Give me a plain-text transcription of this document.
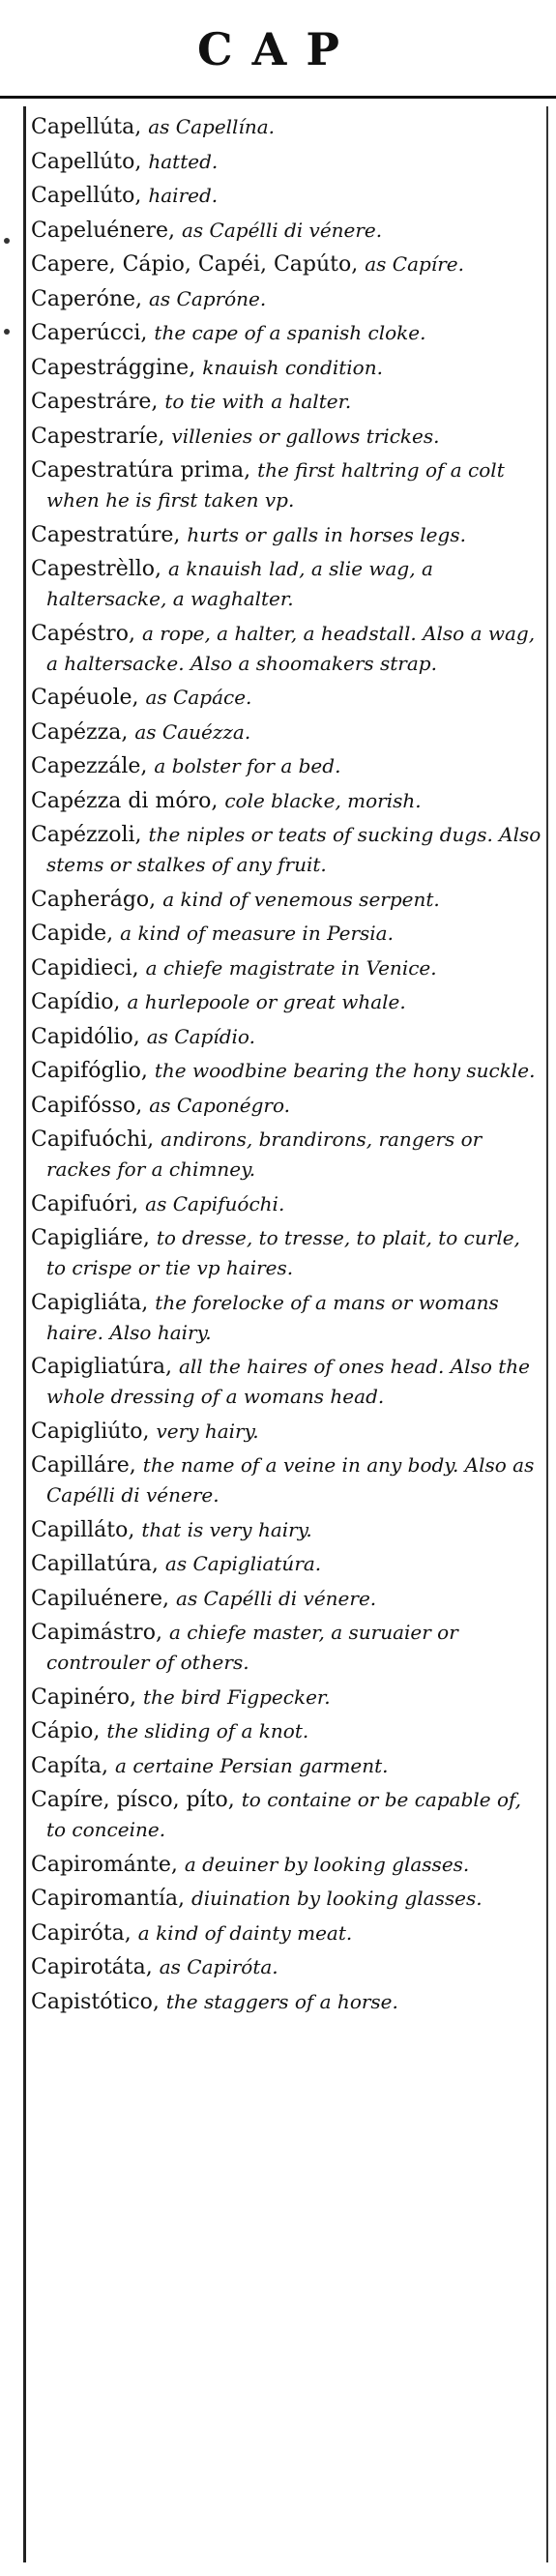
CAP
Capellúta, as Capellína.
Capellúto, hatted.
Capellúto, haired.
Capeluénere, as Capélli di vénere.
Capere, Cápio, Capéi, Capúto, as Capíre.
Caperóne, as Capróne.
Caperúcci, the cape of a spanish cloke.
Capestrággine, knauish condition.
Capestráre, to tie with a halter.
Capestraríe, villenies or gallows trickes.
Capestratúra prima, the first haltring of a colt when he is first taken vp.
Capestratúre, hurts or galls in horses legs.
Capestrèllo, a knauish lad, a slie wag, a haltersacke, a waghalter.
Capéstro, a rope, a halter, a headstall. Also a wag, a haltersacke. Also a shoomakers strap.
Capéuole, as Capáce.
Capézza, as Cauézza.
Capezzále, a bolster for a bed.
Capézza di móro, cole blacke, morish.
Capézzoli, the niples or teats of sucking dugs. Also stems or stalkes of any fruit.
Capherágo, a kind of venemous serpent.
Capide, a kind of measure in Persia.
Capidieci, a chiefe magistrate in Venice.
Capídio, a hurlepoole or great whale.
Capidólio, as Capídio.
Capifóglio, the woodbine bearing the hony suckle.
Capifósso, as Caponégro.
Capifuóchi, andirons, brandirons, rangers or rackes for a chimney.
Capifuóri, as Capifuóchi.
Capigliáre, to dresse, to tresse, to plait, to curle, to crispe or tie vp haires.
Capigliáta, the forelocke of a mans or womans haire. Also hairy.
Capigliatúra, all the haires of ones head. Also the whole dressing of a womans head.
Capigliúto, very hairy.
Capilláre, the name of a veine in any body. Also as Capélli di vénere.
Capilláto, that is very hairy.
Capillatúra, as Capigliatúra.
Capiluénere, as Capélli di vénere.
Capimástro, a chiefe master, a suruaier or controuler of others.
Capinéro, the bird Figpecker.
Cápio, the sliding of a knot.
Capíta, a certaine Persian garment.
Capíre, písco, píto, to containe or be capable of, to conceine.
Capirománte, a deuiner by looking glasses.
Capiromantía, diuination by looking glasses.
Capiróta, a kind of dainty meat.
Capirotáta, as Capiróta.
Capistótico, the staggers of a horse.
